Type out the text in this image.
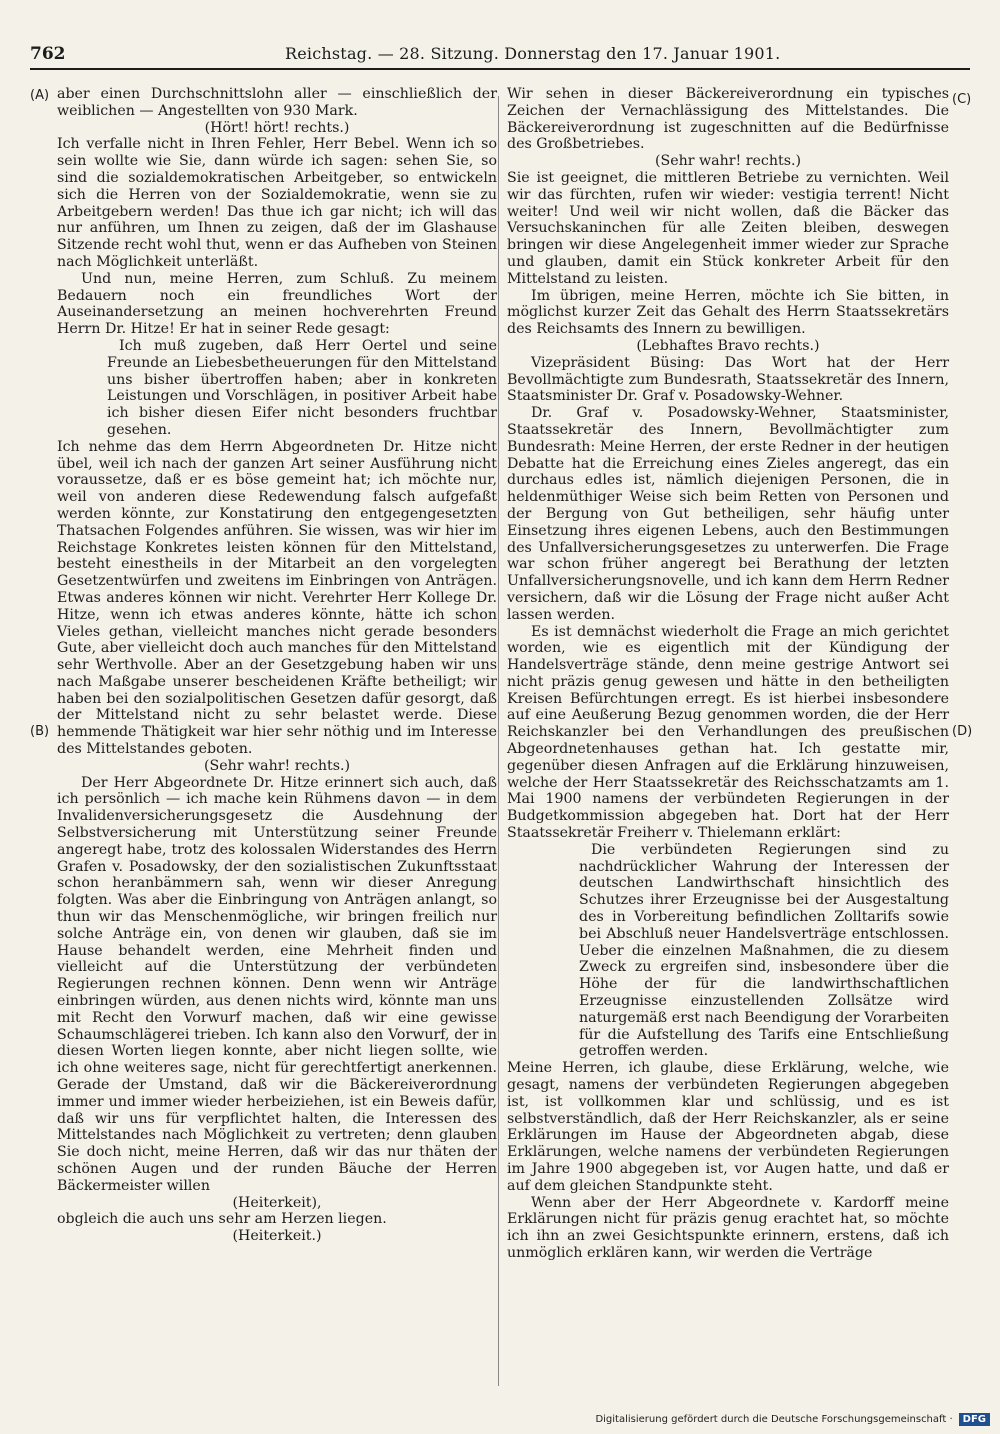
762	Reichstag. — 28. Sitzung. Donnerstag den 17. Januar 1901.
(A)
(B)
(C)
(D)

aber einen Durchschnittslohn aller — einschließlich der weiblichen — Angestellten von 930 Mark.

(Hört! hört! rechts.)

Ich verfalle nicht in Ihren Fehler, Herr Bebel. Wenn ich so sein wollte wie Sie, dann würde ich sagen: sehen Sie, so sind die sozialdemokratischen Arbeitgeber, so entwickeln sich die Herren von der Sozialdemokratie, wenn sie zu Arbeitgebern werden! Das thue ich gar nicht; ich will das nur anführen, um Ihnen zu zeigen, daß der im Glashause Sitzende recht wohl thut, wenn er das Aufheben von Steinen nach Möglichkeit unterläßt.

Und nun, meine Herren, zum Schluß. Zu meinem Bedauern noch ein freundliches Wort der Auseinandersetzung an meinen hochverehrten Freund Herrn Dr. Hitze! Er hat in seiner Rede gesagt:

Ich muß zugeben, daß Herr Oertel und seine Freunde an Liebesbetheuerungen für den Mittelstand uns bisher übertroffen haben; aber in konkreten Leistungen und Vorschlägen, in positiver Arbeit habe ich bisher diesen Eifer nicht besonders fruchtbar gesehen.

Ich nehme das dem Herrn Abgeordneten Dr. Hitze nicht übel, weil ich nach der ganzen Art seiner Ausführung nicht voraussetze, daß er es böse gemeint hat; ich möchte nur, weil von anderen diese Redewendung falsch aufgefaßt werden könnte, zur Konstatirung den entgegengesetzten Thatsachen Folgendes anführen. Sie wissen, was wir hier im Reichstage Konkretes leisten können für den Mittelstand, besteht einestheils in der Mitarbeit an den vorgelegten Gesetzentwürfen und zweitens im Einbringen von Anträgen. Etwas anderes können wir nicht. Verehrter Herr Kollege Dr. Hitze, wenn ich etwas anderes könnte, hätte ich schon Vieles gethan, vielleicht manches nicht gerade besonders Gute, aber vielleicht doch auch manches für den Mittelstand sehr Werthvolle. Aber an der Gesetzgebung haben wir uns nach Maßgabe unserer bescheidenen Kräfte betheiligt; wir haben bei den sozialpolitischen Gesetzen dafür gesorgt, daß der Mittelstand nicht zu sehr belastet werde. Diese hemmende Thätigkeit war hier sehr nöthig und im Interesse des Mittelstandes geboten.

(Sehr wahr! rechts.)

Der Herr Abgeordnete Dr. Hitze erinnert sich auch, daß ich persönlich — ich mache kein Rühmens davon — in dem Invalidenversicherungsgesetz die Ausdehnung der Selbstversicherung mit Unterstützung seiner Freunde angeregt habe, trotz des kolossalen Widerstandes des Herrn Grafen v. Posadowsky, der den sozialistischen Zukunftsstaat schon heranbämmern sah, wenn wir dieser Anregung folgten. Was aber die Einbringung von Anträgen anlangt, so thun wir das Menschenmögliche, wir bringen freilich nur solche Anträge ein, von denen wir glauben, daß sie im Hause behandelt werden, eine Mehrheit finden und vielleicht auf die Unterstützung der verbündeten Regierungen rechnen können. Denn wenn wir Anträge einbringen würden, aus denen nichts wird, könnte man uns mit Recht den Vorwurf machen, daß wir eine gewisse Schaumschlägerei trieben. Ich kann also den Vorwurf, der in diesen Worten liegen konnte, aber nicht liegen sollte, wie ich ohne weiteres sage, nicht für gerechtfertigt anerkennen. Gerade der Umstand, daß wir die Bäckereiverordnung immer und immer wieder herbeiziehen, ist ein Beweis dafür, daß wir uns für verpflichtet halten, die Interessen des Mittelstandes nach Möglichkeit zu vertreten; denn glauben Sie doch nicht, meine Herren, daß wir das nur thäten der schönen Augen und der runden Bäuche der Herren Bäckermeister willen

(Heiterkeit),

obgleich die auch uns sehr am Herzen liegen.

(Heiterkeit.)

Wir sehen in dieser Bäckereiverordnung ein typisches Zeichen der Vernachlässigung des Mittelstandes. Die Bäckereiverordnung ist zugeschnitten auf die Bedürfnisse des Großbetriebes.

(Sehr wahr! rechts.)

Sie ist geeignet, die mittleren Betriebe zu vernichten. Weil wir das fürchten, rufen wir wieder: vestigia terrent! Nicht weiter! Und weil wir nicht wollen, daß die Bäcker das Versuchskaninchen für alle Zeiten bleiben, deswegen bringen wir diese Angelegenheit immer wieder zur Sprache und glauben, damit ein Stück konkreter Arbeit für den Mittelstand zu leisten.

Im übrigen, meine Herren, möchte ich Sie bitten, in möglichst kurzer Zeit das Gehalt des Herrn Staatssekretärs des Reichsamts des Innern zu bewilligen.

(Lebhaftes Bravo rechts.)

Vizepräsident Büsing: Das Wort hat der Herr Bevollmächtigte zum Bundesrath, Staatssekretär des Innern, Staatsminister Dr. Graf v. Posadowsky-Wehner.

Dr. Graf v. Posadowsky-Wehner, Staatsminister, Staatssekretär des Innern, Bevollmächtigter zum Bundesrath: Meine Herren, der erste Redner in der heutigen Debatte hat die Erreichung eines Zieles angeregt, das ein durchaus edles ist, nämlich diejenigen Personen, die in heldenmüthiger Weise sich beim Retten von Personen und der Bergung von Gut betheiligen, sehr häufig unter Einsetzung ihres eigenen Lebens, auch den Bestimmungen des Unfallversicherungsgesetzes zu unterwerfen. Die Frage war schon früher angeregt bei Berathung der letzten Unfallversicherungsnovelle, und ich kann dem Herrn Redner versichern, daß wir die Lösung der Frage nicht außer Acht lassen werden.

Es ist demnächst wiederholt die Frage an mich gerichtet worden, wie es eigentlich mit der Kündigung der Handelsverträge stände, denn meine gestrige Antwort sei nicht präzis genug gewesen und hätte in den betheiligten Kreisen Befürchtungen erregt. Es ist hierbei insbesondere auf eine Aeußerung Bezug genommen worden, die der Herr Reichskanzler bei den Verhandlungen des preußischen Abgeordnetenhauses gethan hat. Ich gestatte mir, gegenüber diesen Anfragen auf die Erklärung hinzuweisen, welche der Herr Staatssekretär des Reichsschatzamts am 1. Mai 1900 namens der verbündeten Regierungen in der Budgetkommission abgegeben hat. Dort hat der Herr Staatssekretär Freiherr v. Thielemann erklärt:

Die verbündeten Regierungen sind zu nachdrücklicher Wahrung der Interessen der deutschen Landwirthschaft hinsichtlich des Schutzes ihrer Erzeugnisse bei der Ausgestaltung des in Vorbereitung befindlichen Zolltarifs sowie bei Abschluß neuer Handelsverträge entschlossen. Ueber die einzelnen Maßnahmen, die zu diesem Zweck zu ergreifen sind, insbesondere über die Höhe der für die landwirthschaftlichen Erzeugnisse einzustellenden Zollsätze wird naturgemäß erst nach Beendigung der Vorarbeiten für die Aufstellung des Tarifs eine Entschließung getroffen werden.

Meine Herren, ich glaube, diese Erklärung, welche, wie gesagt, namens der verbündeten Regierungen abgegeben ist, ist vollkommen klar und schlüssig, und es ist selbstverständlich, daß der Herr Reichskanzler, als er seine Erklärungen im Hause der Abgeordneten abgab, diese Erklärungen, welche namens der verbündeten Regierungen im Jahre 1900 abgegeben ist, vor Augen hatte, und daß er auf dem gleichen Standpunkte steht.

Wenn aber der Herr Abgeordnete v. Kardorff meine Erklärungen nicht für präzis genug erachtet hat, so möchte ich ihn an zwei Gesichtspunkte erinnern, erstens, daß ich unmöglich erklären kann, wir werden die Verträge

Digitalisierung gefördert durch die Deutsche Forschungsgemeinschaft ·	DFG
